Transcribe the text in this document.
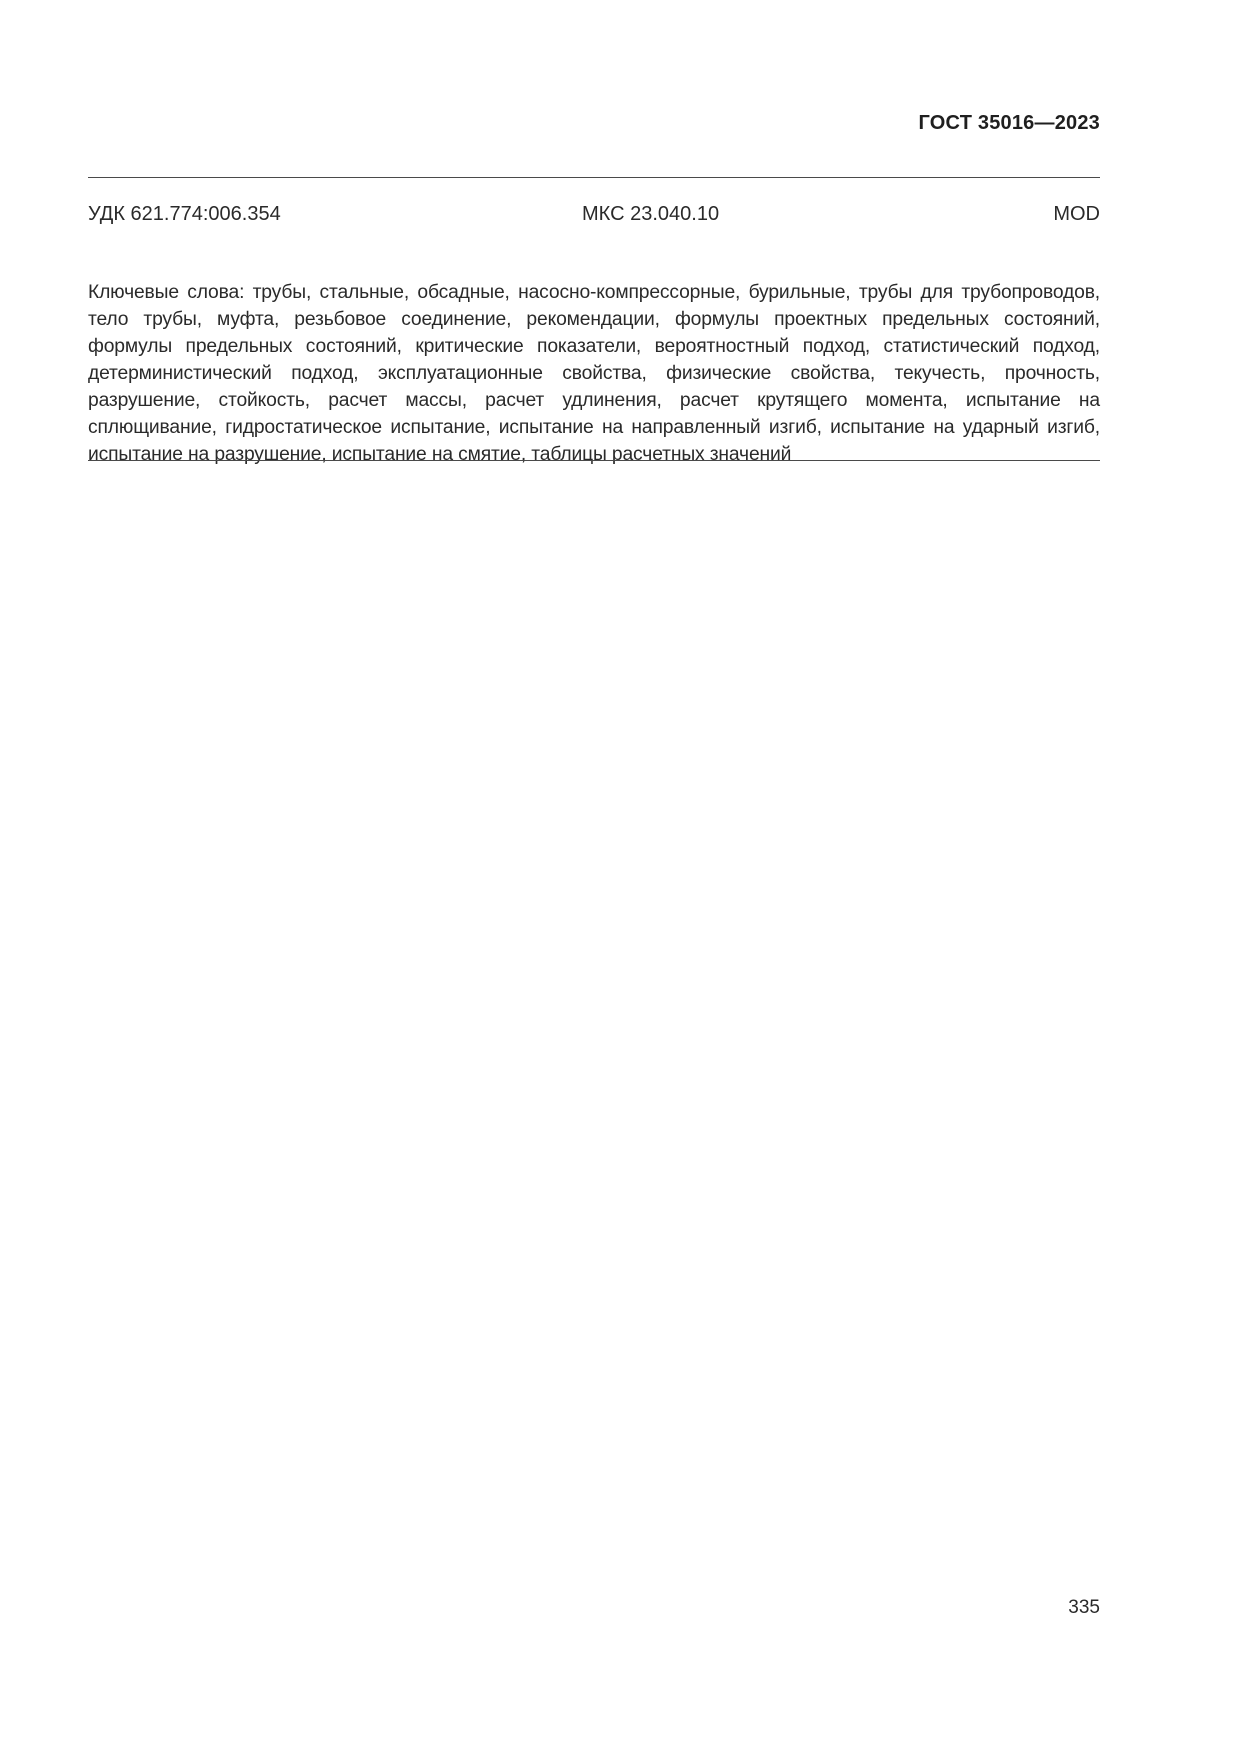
ГОСТ 35016—2023
УДК 621.774:006.354	МКС 23.040.10	MOD

Ключевые слова: трубы, стальные, обсадные, насосно-компрессорные, бурильные, трубы для трубопроводов, тело трубы, муфта, резьбовое соединение, рекомендации, формулы проектных предельных состояний, формулы предельных состояний, критические показатели, вероятностный подход, статистический подход, детерминистический подход, эксплуатационные свойства, физические свойства, текучесть, прочность, разрушение, стойкость, расчет массы, расчет удлинения, расчет крутящего момента, испытание на сплющивание, гидростатическое испытание, испытание на направленный изгиб, испытание на ударный изгиб, испытание на разрушение, испытание на смятие, таблицы расчетных значений

335
